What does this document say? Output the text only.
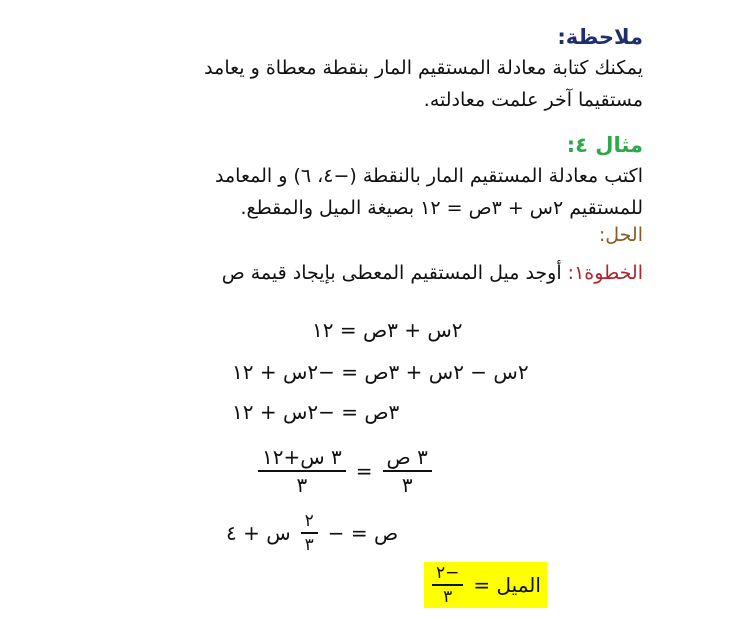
ملاحظة:
يمكنك كتابة معادلة المستقيم المار بنقطة معطاة و يعامد
مستقيما آخر علمت معادلته.
مثال ٤:
اكتب معادلة المستقيم المار بالنقطة (−٤، ٦) و المعامد
للمستقيم ٢س + ٣ص = ١٢ بصيغة الميل والمقطع.
الحل:
الخطوة١: أوجد ميل المستقيم المعطى بإيجاد قيمة ص
٢س + ٣ص = ١٢
٢س − ٢س + ٣ص = −٢س + ١٢
٣ص = −٢س + ١٢
$\frac{\text{٣ ص}}{٣}$
=
$\frac{\text{٣ س+١٢}}{٣}$
ص = −
$\frac{٢}{٣}$
س + ٤
الميل =
$\frac{-٢}{٣}$
